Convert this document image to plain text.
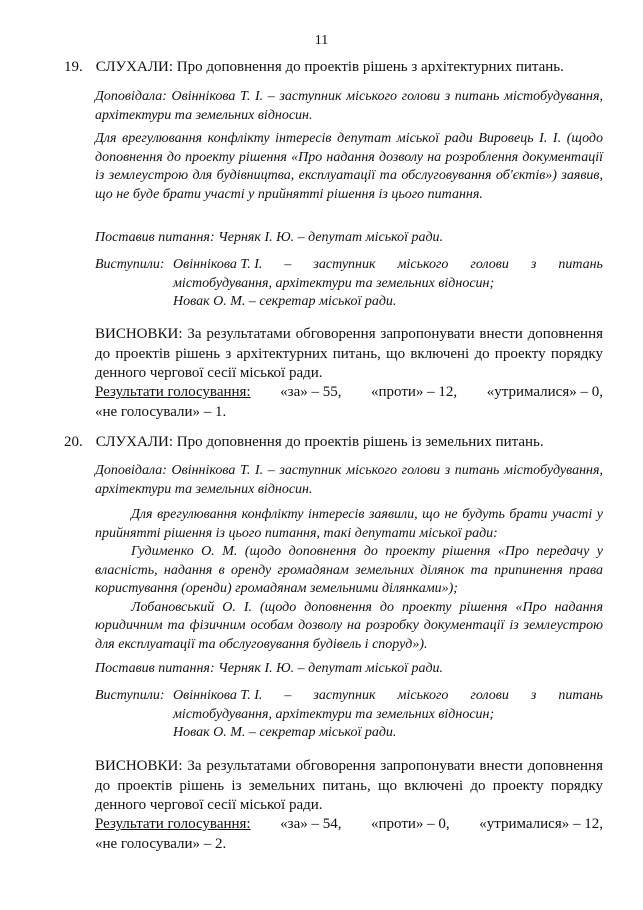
11
19. СЛУХАЛИ: Про доповнення до проектів рішень з архітектурних питань.
Доповідала: Овіннікова Т. І. – заступник міського голови з питань містобудування, архітектури та земельних відносин.
Для врегулювання конфлікту інтересів депутат міської ради Вировець І. І. (щодо доповнення до проекту рішення «Про надання дозволу на розроблення документації із землеустрою для будівництва, експлуатації та обслуговування об'єктів») заявив, що не буде брати участі у прийнятті рішення із цього питання.
Поставив питання: Черняк І. Ю. – депутат міської ради.
Виступили: Овіннікова Т. І. – заступник міського голови з питань
містобудування, архітектури та земельних відносин;
Новак О. М. – секретар міської ради.
ВИСНОВКИ: За результатами обговорення запропонувати внести доповнення до проектів рішень з архітектурних питань, що включені до проекту порядку денного чергової сесії міської ради.
Результати голосування: «за» – 55, «проти» – 12, «утрималися» – 0,
«не голосували» – 1.
20. СЛУХАЛИ: Про доповнення до проектів рішень із земельних питань.
Доповідала: Овіннікова Т. І. – заступник міського голови з питань містобудування, архітектури та земельних відносин.
Для врегулювання конфлікту інтересів заявили, що не будуть брати участі у прийнятті рішення із цього питання, такі депутати міської ради:
Гудименко О. М. (щодо доповнення до проекту рішення «Про передачу у власність, надання в оренду громадянам земельних ділянок та припинення права користування (оренди) громадянам земельними ділянками»);
Лобановський О. І. (щодо доповнення до проекту рішення «Про надання юридичним та фізичним особам дозволу на розробку документації із землеустрою для експлуатації та обслуговування будівель і споруд»).
Поставив питання: Черняк І. Ю. – депутат міської ради.
Виступили: Овіннікова Т. І. – заступник міського голови з питань
містобудування, архітектури та земельних відносин;
Новак О. М. – секретар міської ради.
ВИСНОВКИ: За результатами обговорення запропонувати внести доповнення до проектів рішень із земельних питань, що включені до проекту порядку денного чергової сесії міської ради.
Результати голосування: «за» – 54, «проти» – 0, «утрималися» – 12,
«не голосували» – 2.
